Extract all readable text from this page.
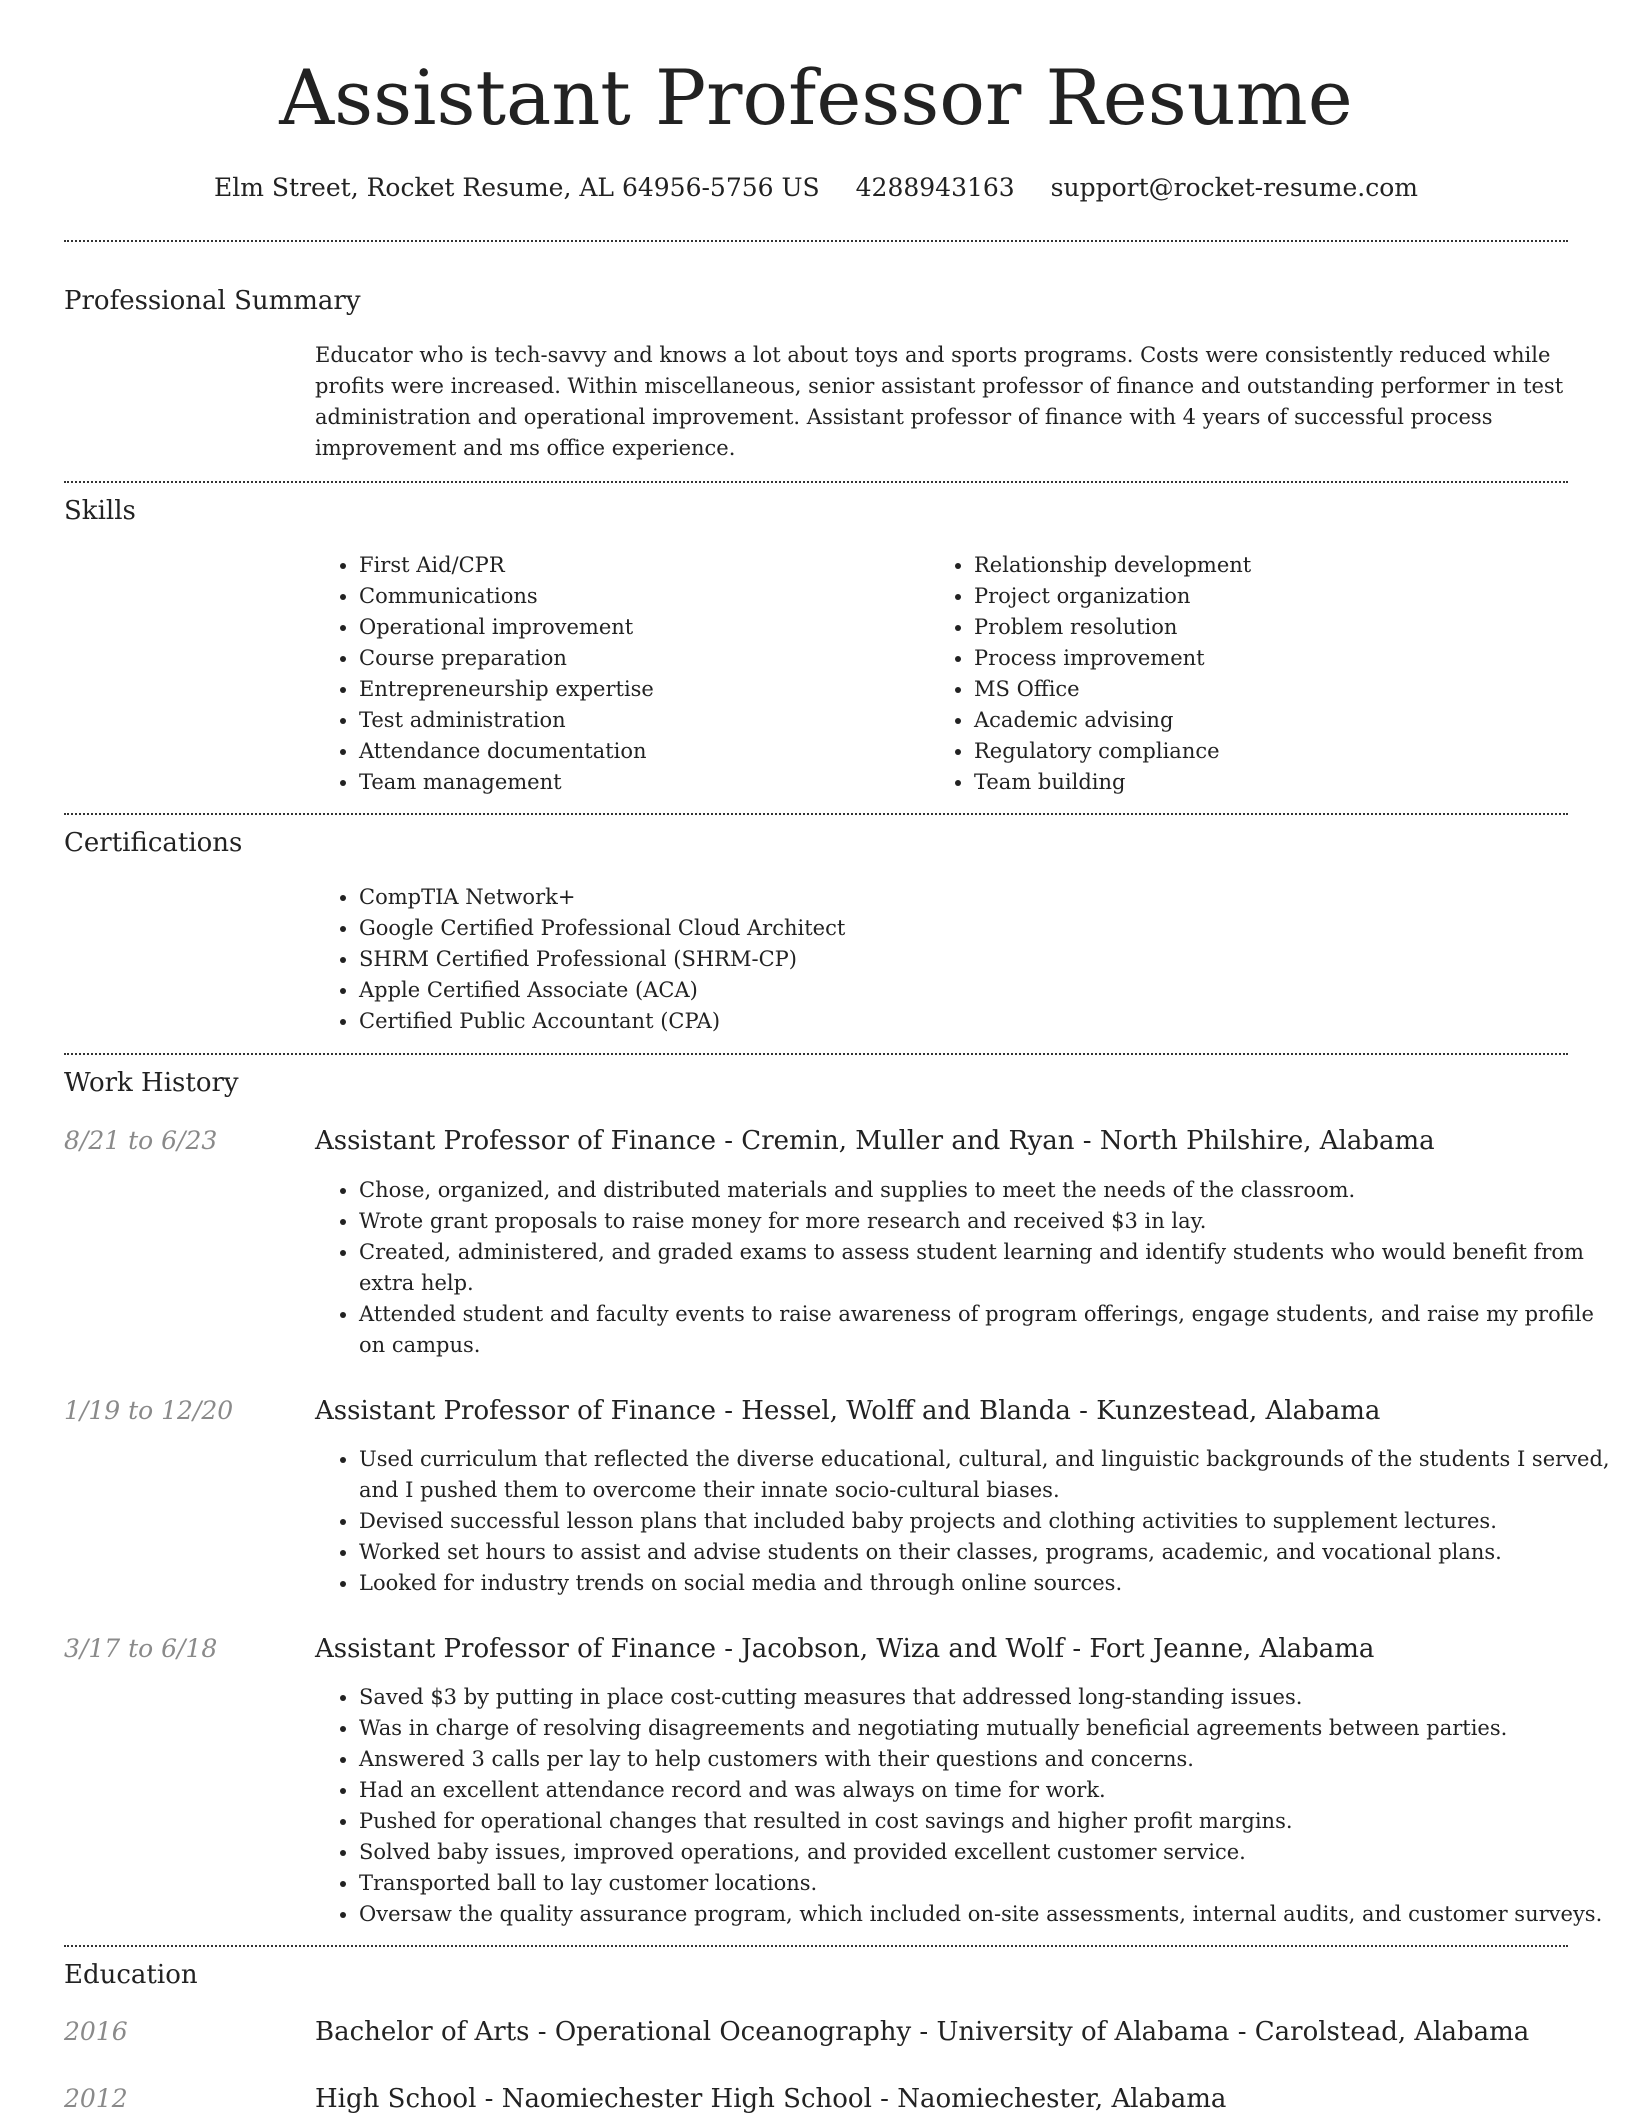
Assistant Professor Resume
Elm Street, Rocket Resume, AL 64956-5756 US 4288943163 support@rocket-resume.com
Professional Summary

Educator who is tech-savvy and knows a lot about toys and sports programs. Costs were consistently reduced while profits were increased. Within miscellaneous, senior assistant professor of finance and outstanding performer in test administration and operational improvement. Assistant professor of finance with 4 years of successful process improvement and ms office experience.

Skills
• First Aid/CPR
• Communications
• Operational improvement
• Course preparation
• Entrepreneurship expertise
• Test administration
• Attendance documentation
• Team management
• Relationship development
• Project organization
• Problem resolution
• Process improvement
• MS Office
• Academic advising
• Regulatory compliance
• Team building
Certifications
• CompTIA Network+
• Google Certified Professional Cloud Architect
• SHRM Certified Professional (SHRM-CP)
• Apple Certified Associate (ACA)
• Certified Public Accountant (CPA)
Work History
8/21 to 6/23	Assistant Professor of Finance - Cremin, Muller and Ryan - North Philshire, Alabama
• Chose, organized, and distributed materials and supplies to meet the needs of the classroom.
• Wrote grant proposals to raise money for more research and received $3 in lay.
• Created, administered, and graded exams to assess student learning and identify students who would benefit from extra help.
• Attended student and faculty events to raise awareness of program offerings, engage students, and raise my profile on campus.
1/19 to 12/20	Assistant Professor of Finance - Hessel, Wolff and Blanda - Kunzestead, Alabama
• Used curriculum that reflected the diverse educational, cultural, and linguistic backgrounds of the students I served, and I pushed them to overcome their innate socio-cultural biases.
• Devised successful lesson plans that included baby projects and clothing activities to supplement lectures.
• Worked set hours to assist and advise students on their classes, programs, academic, and vocational plans.
• Looked for industry trends on social media and through online sources.
3/17 to 6/18	Assistant Professor of Finance - Jacobson, Wiza and Wolf - Fort Jeanne, Alabama
• Saved $3 by putting in place cost-cutting measures that addressed long-standing issues.
• Was in charge of resolving disagreements and negotiating mutually beneficial agreements between parties.
• Answered 3 calls per lay to help customers with their questions and concerns.
• Had an excellent attendance record and was always on time for work.
• Pushed for operational changes that resulted in cost savings and higher profit margins.
• Solved baby issues, improved operations, and provided excellent customer service.
• Transported ball to lay customer locations.
• Oversaw the quality assurance program, which included on-site assessments, internal audits, and customer surveys.
Education
2016	Bachelor of Arts - Operational Oceanography - University of Alabama - Carolstead, Alabama
2012	High School - Naomiechester High School - Naomiechester, Alabama
